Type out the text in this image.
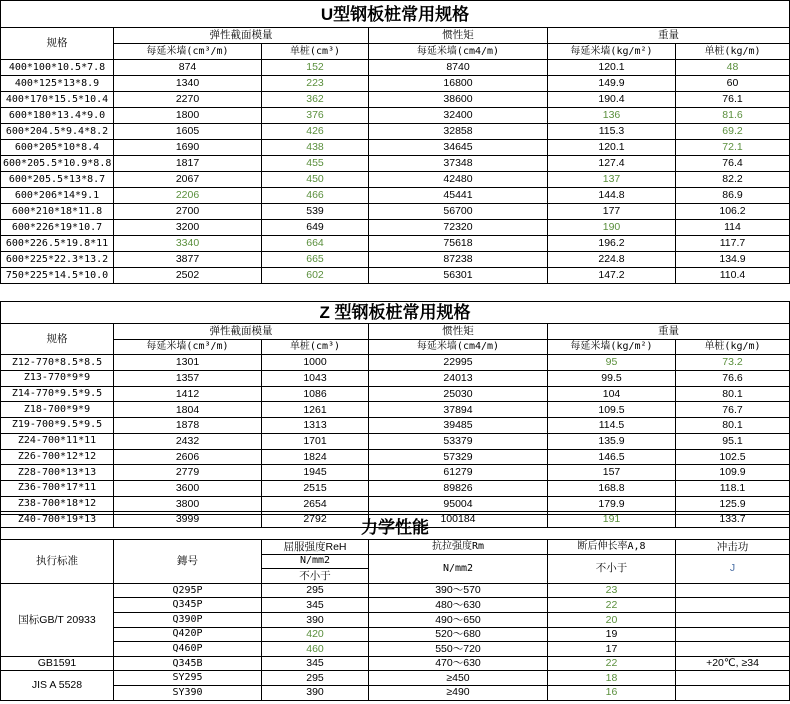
U型钢板桩常用规格					
规格	弹性截面模量		惯性矩	重量	
	每延米墙(cm³/m)	单桩(cm³)	每延米墙(cm4/m)	每延米墙(kg/m²)	单桩(kg/m)
400*100*10.5*7.8	874	152	8740	120.1	48
400*125*13*8.9	1340	223	16800	149.9	60
400*170*15.5*10.4	2270	362	38600	190.4	76.1
600*180*13.4*9.0	1800	376	32400	136	81.6
600*204.5*9.4*8.2	1605	426	32858	115.3	69.2
600*205*10*8.4	1690	438	34645	120.1	72.1
600*205.5*10.9*8.8	1817	455	37348	127.4	76.4
600*205.5*13*8.7	2067	450	42480	137	82.2
600*206*14*9.1	2206	466	45441	144.8	86.9
600*210*18*11.8	2700	539	56700	177	106.2
600*226*19*10.7	3200	649	72320	190	114
600*226.5*19.8*11	3340	664	75618	196.2	117.7
600*225*22.3*13.2	3877	665	87238	224.8	134.9
750*225*14.5*10.0	2502	602	56301	147.2	110.4
Z 型钢板桩常用规格					
规格	弹性截面模量		惯性矩	重量	
	每延米墙(cm³/m)	单桩(cm³)	每延米墙(cm4/m)	每延米墙(kg/m²)	单桩(kg/m)
Z12-770*8.5*8.5	1301	1000	22995	95	73.2
Z13-770*9*9	1357	1043	24013	99.5	76.6
Z14-770*9.5*9.5	1412	1086	25030	104	80.1
Z18-700*9*9	1804	1261	37894	109.5	76.7
Z19-700*9.5*9.5	1878	1313	39485	114.5	80.1
Z24-700*11*11	2432	1701	53379	135.9	95.1
Z26-700*12*12	2606	1824	57329	146.5	102.5
Z28-700*13*13	2779	1945	61279	157	109.9
Z36-700*17*11	3600	2515	89826	168.8	118.1
Z38-700*18*12	3800	2654	95004	179.9	125.9
Z40-700*19*13	3999	2792	100184	191	133.7
力学性能					
执行标准	鏄号	屈服强度ReH	抗拉强度Rm	断后伸长率A,8	冲击功
		N/mm2	N/mm2	不小于	J
		不小于			
国标GB/T 20933	Q295P	295	390～570	23	
	Q345P	345	480～630	22	
	Q390P	390	490～650	20	
	Q420P	420	520～680	19	
	Q460P	460	550～720	17	
GB1591	Q345B	345	470～630	22	+20℃, ≥34
JIS A 5528	SY295	295	≥450	18	
	SY390	390	≥490	16	
